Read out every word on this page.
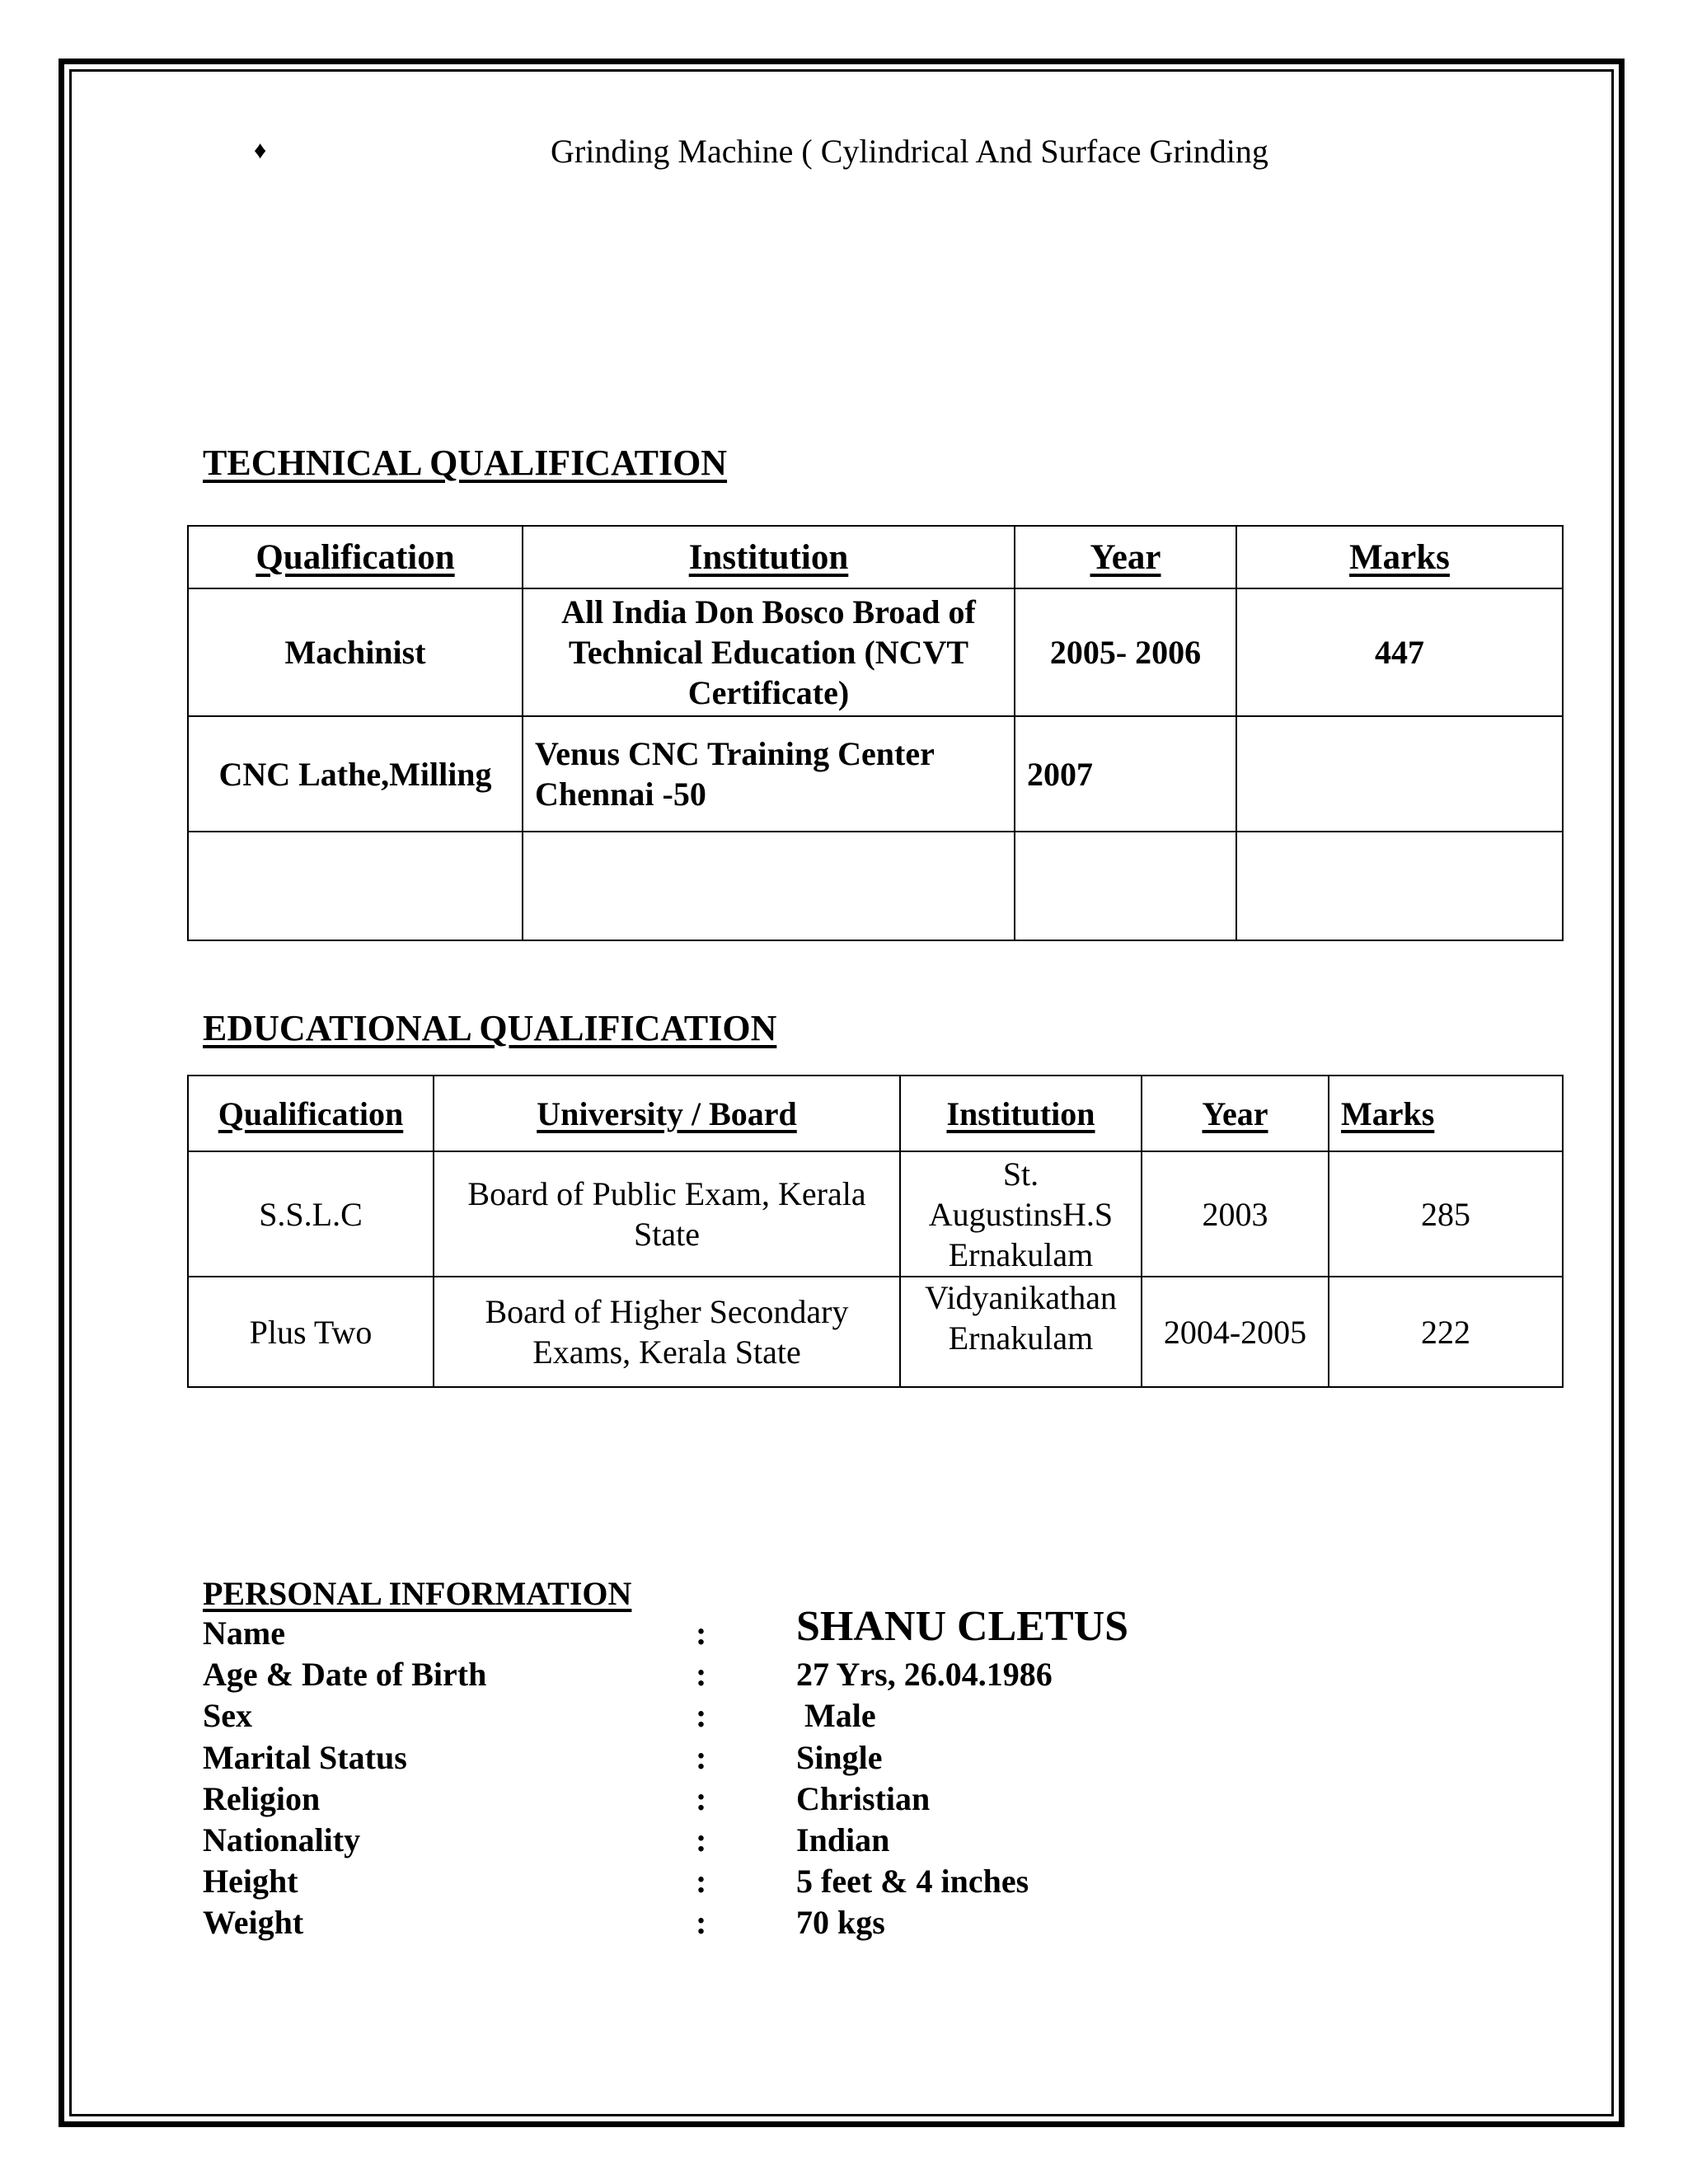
♦	Grinding Machine ( Cylindrical And Surface Grinding
TECHNICAL QUALIFICATION
Qualification	Institution	Year	Marks
Machinist	All India Don Bosco Broad of Technical Education (NCVT Certificate)	2005- 2006	447
CNC Lathe,Milling	Venus CNC Training Center Chennai -50	2007	

EDUCATIONAL QUALIFICATION
Qualification	University / Board	Institution	Year	Marks
S.S.L.C	Board of Public Exam, Kerala State	St. AugustinsH.S Ernakulam	2003	285
Plus Two	Board of Higher Secondary Exams, Kerala State	Vidyanikathan Ernakulam	2004-2005	222
PERSONAL INFORMATION
Name	: SHANU CLETUS
Age & Date of Birth	:	27 Yrs, 26.04.1986
Sex	:	Male
Marital Status	:	Single
Religion	:	Christian
Nationality	:	Indian
Height	:	5 feet & 4 inches
Weight	:	70 kgs
